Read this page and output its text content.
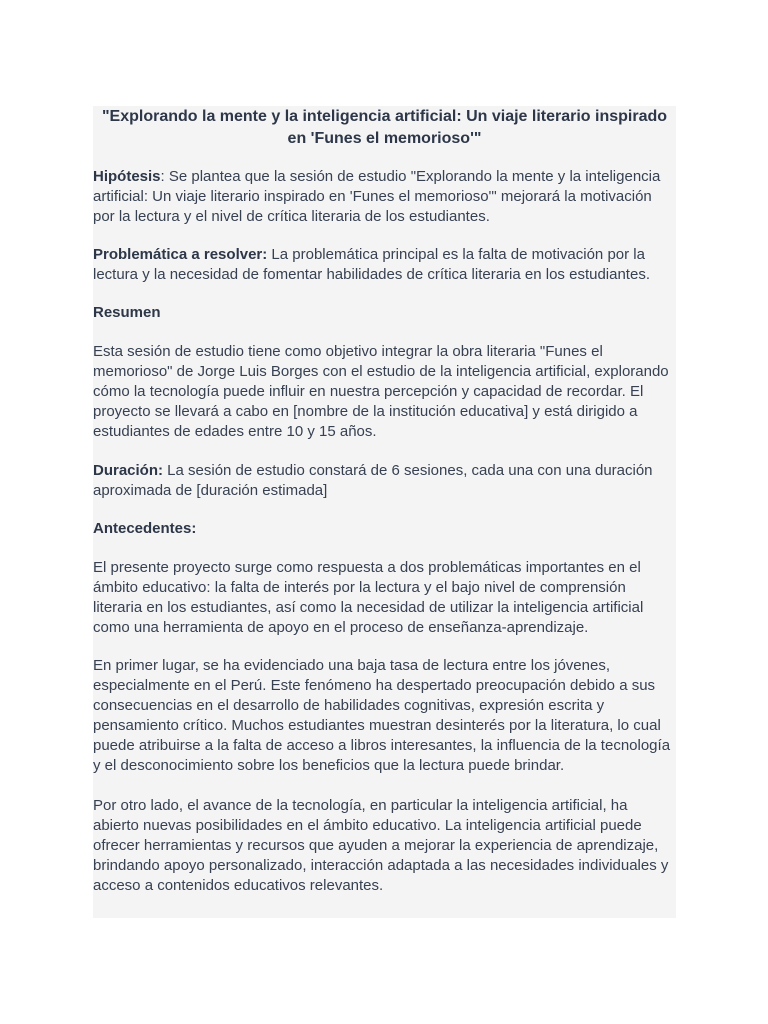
"Explorando la mente y la inteligencia artificial: Un viaje literario inspirado en 'Funes el memorioso'"

Hipótesis: Se plantea que la sesión de estudio "Explorando la mente y la inteligencia artificial: Un viaje literario inspirado en 'Funes el memorioso'" mejorará la motivación por la lectura y el nivel de crítica literaria de los estudiantes.

Problemática a resolver: La problemática principal es la falta de motivación por la lectura y la necesidad de fomentar habilidades de crítica literaria en los estudiantes.

Resumen

Esta sesión de estudio tiene como objetivo integrar la obra literaria "Funes el memorioso" de Jorge Luis Borges con el estudio de la inteligencia artificial, explorando cómo la tecnología puede influir en nuestra percepción y capacidad de recordar. El proyecto se llevará a cabo en [nombre de la institución educativa] y está dirigido a estudiantes de edades entre 10 y 15 años.

Duración: La sesión de estudio constará de 6 sesiones, cada una con una duración aproximada de [duración estimada]

Antecedentes:

El presente proyecto surge como respuesta a dos problemáticas importantes en el ámbito educativo: la falta de interés por la lectura y el bajo nivel de comprensión literaria en los estudiantes, así como la necesidad de utilizar la inteligencia artificial como una herramienta de apoyo en el proceso de enseñanza-aprendizaje.

En primer lugar, se ha evidenciado una baja tasa de lectura entre los jóvenes, especialmente en el Perú. Este fenómeno ha despertado preocupación debido a sus consecuencias en el desarrollo de habilidades cognitivas, expresión escrita y pensamiento crítico. Muchos estudiantes muestran desinterés por la literatura, lo cual puede atribuirse a la falta de acceso a libros interesantes, la influencia de la tecnología y el desconocimiento sobre los beneficios que la lectura puede brindar.

Por otro lado, el avance de la tecnología, en particular la inteligencia artificial, ha abierto nuevas posibilidades en el ámbito educativo. La inteligencia artificial puede ofrecer herramientas y recursos que ayuden a mejorar la experiencia de aprendizaje, brindando apoyo personalizado, interacción adaptada a las necesidades individuales y acceso a contenidos educativos relevantes.
